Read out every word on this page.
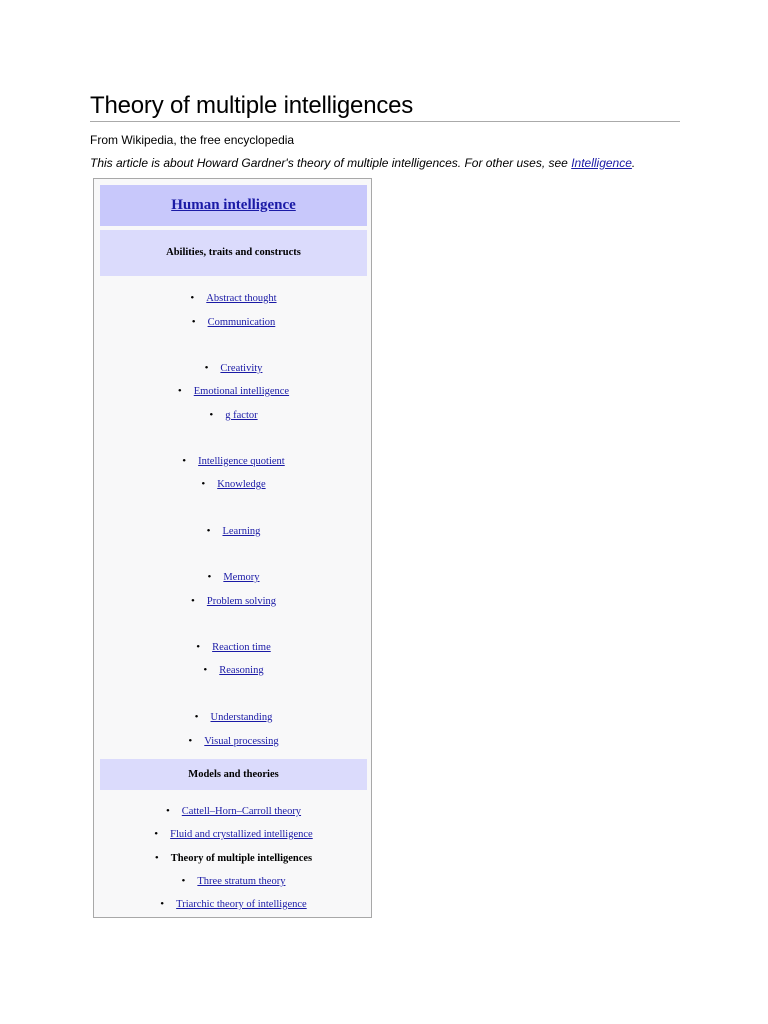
Theory of multiple intelligences
From Wikipedia, the free encyclopedia
This article is about Howard Gardner's theory of multiple intelligences. For other uses, see Intelligence.
Human intelligence
Abilities, traits and constructs
• Abstract thought
• Communication
• Creativity
• Emotional intelligence
• g factor
• Intelligence quotient
• Knowledge
• Learning
• Memory
• Problem solving
• Reaction time
• Reasoning
• Understanding
• Visual processing
Models and theories
• Cattell–Horn–Carroll theory
• Fluid and crystallized intelligence
• Theory of multiple intelligences
• Three stratum theory
• Triarchic theory of intelligence
